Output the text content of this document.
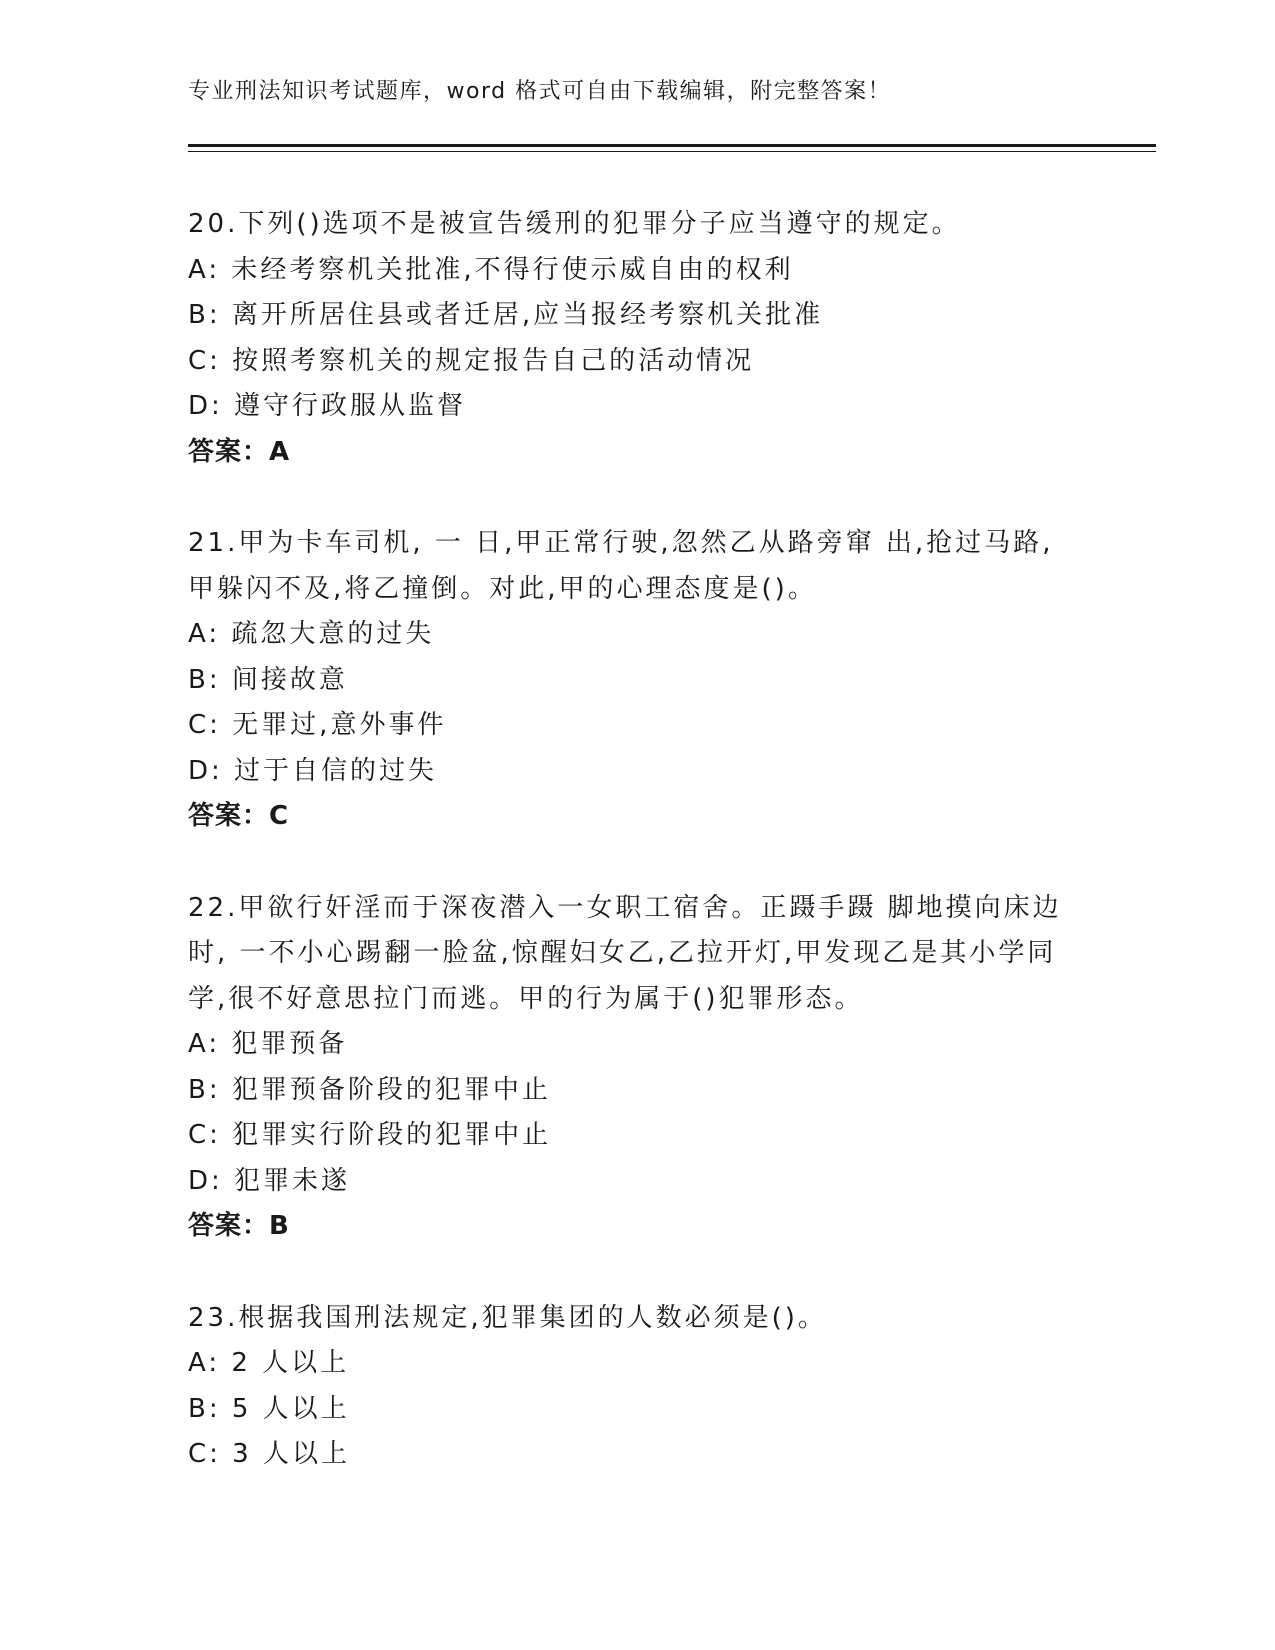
专业刑法知识考试题库，word 格式可自由下载编辑，附完整答案！
20.下列()选项不是被宣告缓刑的犯罪分子应当遵守的规定。
A: 未经考察机关批准,不得行使示威自由的权利
B: 离开所居住县或者迁居,应当报经考察机关批准
C: 按照考察机关的规定报告自己的活动情况
D: 遵守行政服从监督
答案：A
21.甲为卡车司机, 一 日,甲正常行驶,忽然乙从路旁窜 出,抢过马路,
甲躲闪不及,将乙撞倒。对此,甲的心理态度是()。
A: 疏忽大意的过失
B: 间接故意
C: 无罪过,意外事件
D: 过于自信的过失
答案：C
22.甲欲行奸淫而于深夜潜入一女职工宿舍。正蹑手蹑 脚地摸向床边
时, 一不小心踢翻一脸盆,惊醒妇女乙,乙拉开灯,甲发现乙是其小学同
学,很不好意思拉门而逃。甲的行为属于()犯罪形态。
A: 犯罪预备
B: 犯罪预备阶段的犯罪中止
C: 犯罪实行阶段的犯罪中止
D: 犯罪未遂
答案：B
23.根据我国刑法规定,犯罪集团的人数必须是()。
A: 2 人以上
B: 5 人以上
C: 3 人以上
